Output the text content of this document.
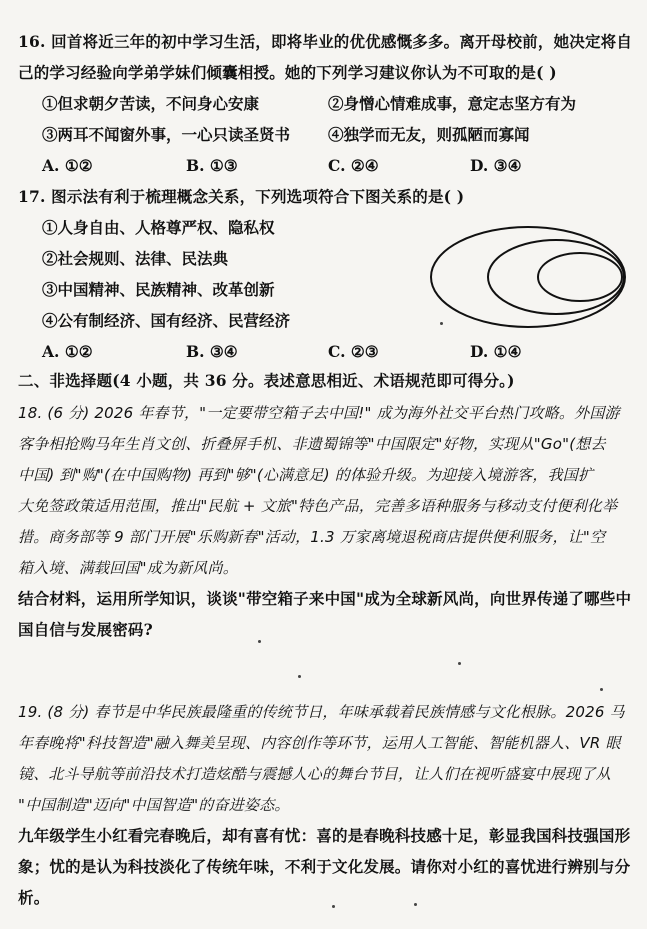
16. 回首将近三年的初中学习生活，即将毕业的优优感慨多多。离开母校前，她决定将自
己的学习经验向学弟学妹们倾囊相授。她的下列学习建议你认为不可取的是( )
①但求朝夕苦读，不问身心安康	②身憎心情难成事，意定志坚方有为
③两耳不闻窗外事，一心只读圣贤书 ④独学而无友，则孤陋而寡闻
A. ①②	B. ①③	C. ②④	D. ③④
17. 图示法有利于梳理概念关系，下列选项符合下图关系的是( )
①人身自由、人格尊严权、隐私权
②社会规则、法律、民法典
③中国精神、民族精神、改革创新
④公有制经济、国有经济、民营经济
A. ①②	B. ③④	C. ②③	D. ①④
二、非选择题(4 小题，共 36 分。表述意思相近、术语规范即可得分。)
18. (6 分) 2026 年春节，"一定要带空箱子去中国!" 成为海外社交平台热门攻略。外国游
客争相抢购马年生肖文创、折叠屏手机、非遗蜀锦等"中国限定"好物，实现从"Go"(想去
中国) 到"购"(在中国购物) 再到"够"(心满意足) 的体验升级。为迎接入境游客，我国扩
大免签政策适用范围，推出"民航 + 文旅"特色产品，完善多语种服务与移动支付便利化举
措。商务部等 9 部门开展"乐购新春"活动，1.3 万家离境退税商店提供便利服务，让"空
箱入境、满载回国"成为新风尚。
结合材料，运用所学知识，谈谈"带空箱子来中国"成为全球新风尚，向世界传递了哪些中
国自信与发展密码?
19. (8 分) 春节是中华民族最隆重的传统节日，年味承载着民族情感与文化根脉。2026 马
年春晚将"科技智造"融入舞美呈现、内容创作等环节，运用人工智能、智能机器人、VR 眼
镜、北斗导航等前沿技术打造炫酷与震撼人心的舞台节目，让人们在视听盛宴中展现了从
"中国制造"迈向"中国智造"的奋进姿态。
九年级学生小红看完春晚后，却有喜有忧：喜的是春晚科技感十足，彰显我国科技强国形
象；忧的是认为科技淡化了传统年味，不利于文化发展。请你对小红的喜忧进行辨别与分
析。
